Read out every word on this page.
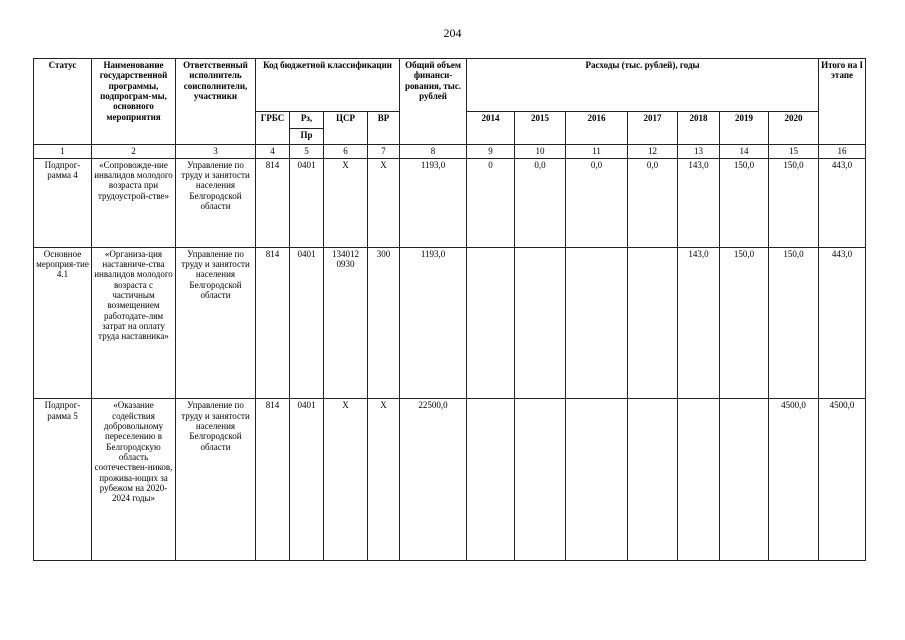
204
Статус	Наименование государственной программы, подпрограм-мы, основного мероприятия	Ответственный исполнитель соисполнители, участники	Код бюджетной классификации				Общий объем финанси-рования, тыс. рублей	Расходы (тыс. рублей), годы							Итого на I этапе
			ГРБС	Рз,	ЦСР	ВР		2014	2015	2016	2017	2018	2019	2020	
				Пр											
1	2	3	4	5	6	7	8	9	10	11	12	13	14	15	16
Подпрог-рамма 4	«Сопровожде-ние инвалидов молодого возраста при трудоустрой-стве»	Управление по труду и занятости населения Белгородской области	814	0401	Х	Х	1193,0	0	0,0	0,0	0,0	143,0	150,0	150,0	443,0
Основное мероприя-тие 4.1	«Организа-ция наставниче-ства инвалидов молодого возраста с частичным возмещением работодате-лям затрат на оплату труда наставника»	Управление по труду и занятости населения Белгородской области	814	0401	134012 0930	300	1193,0					143,0	150,0	150,0	443,0
Подпрог-рамма 5	«Оказание содействия добровольному переселению в Белгородскую область соотечествен-ников, прожива-ющих за рубежом на 2020-2024 годы»	Управление по труду и занятости населения Белгородской области	814	0401	Х	Х	22500,0							4500,0	4500,0
